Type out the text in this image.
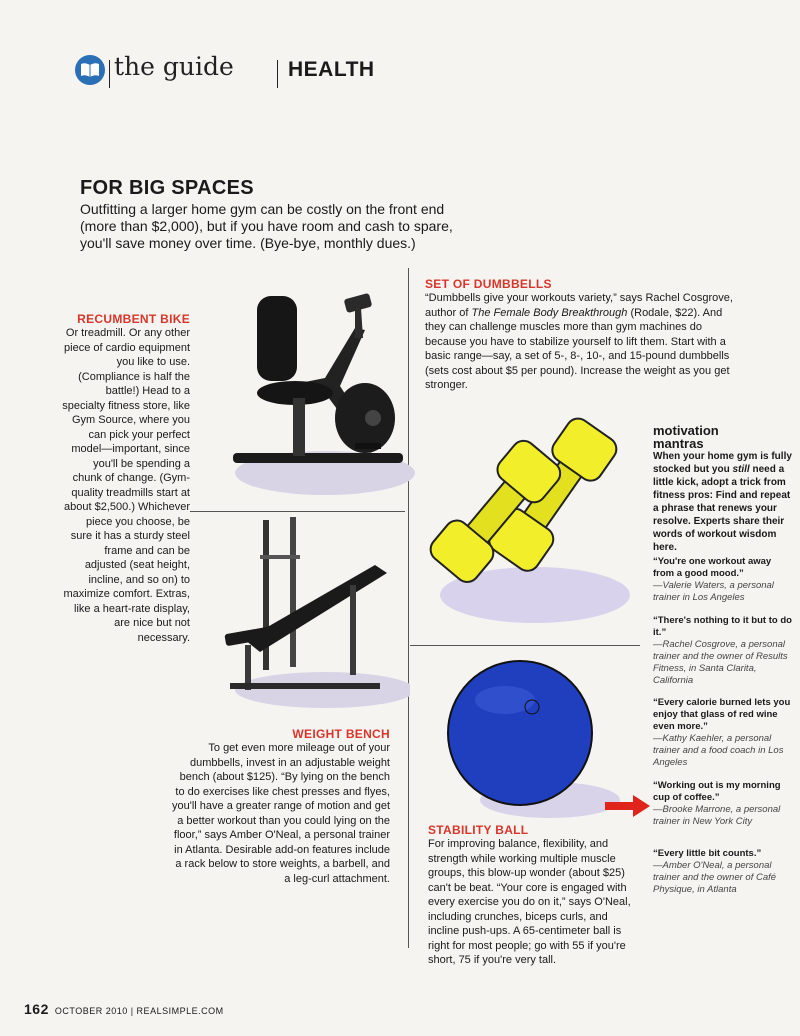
ﾠ
the guide	HEALTH
FOR BIG SPACES
Outfitting a larger home gym can be costly on the front end (more than $2,000), but if you have room and cash to spare, you'll save money over time. (Bye-bye, monthly dues.)
RECUMBENT BIKE
Or treadmill. Or any other piece of cardio equipment you like to use. (Compliance is half the battle!) Head to a specialty fitness store, like Gym Source, where you can pick your perfect model—important, since you'll be spending a chunk of change. (Gym-quality treadmills start at about $2,500.) Whichever piece you choose, be sure it has a sturdy steel frame and can be adjusted (seat height, incline, and so on) to maximize comfort. Extras, like a heart-rate display, are nice but not necessary.
SET OF DUMBBELLS
“Dumbbells give your workouts variety,” says Rachel Cosgrove, author of The Female Body Breakthrough (Rodale, $22). And they can challenge muscles more than gym machines do because you have to stabilize yourself to lift them. Start with a basic range—say, a set of 5-, 8-, 10-, and 15-pound dumbbells (sets cost about $5 per pound). Increase the weight as you get stronger.
WEIGHT BENCH
To get even more mileage out of your dumbbells, invest in an adjustable weight bench (about $125). “By lying on the bench to do exercises like chest presses and flyes, you'll have a greater range of motion and get a better workout than you could lying on the floor,” says Amber O'Neal, a personal trainer in Atlanta. Desirable add-on features include a rack below to store weights, a barbell, and a leg-curl attachment.
STABILITY BALL
For improving balance, flexibility, and strength while working multiple muscle groups, this blow-up wonder (about $25) can't be beat. “Your core is engaged with every exercise you do on it,” says O'Neal, including crunches, biceps curls, and incline push-ups. A 65-centimeter ball is right for most people; go with 55 if you're short, 75 if you're very tall.
motivation
mantras
When your home gym is fully stocked but you still need a little kick, adopt a trick from fitness pros: Find and repeat a phrase that renews your resolve. Experts share their words of workout wisdom here.
“You're one workout away from a good mood.”
—Valerie Waters, a personal trainer in Los Angeles
“There's nothing to it but to do it.”
—Rachel Cosgrove, a personal trainer and the owner of Results Fitness, in Santa Clarita, California
“Every calorie burned lets you enjoy that glass of red wine even more.”
—Kathy Kaehler, a personal trainer and a food coach in Los Angeles
“Working out is my morning cup of coffee.”
—Brooke Marrone, a personal trainer in New York City
“Every little bit counts.”
—Amber O'Neal, a personal trainer and the owner of Café Physique, in Atlanta
162 OCTOBER 2010 | REALSIMPLE.COM
